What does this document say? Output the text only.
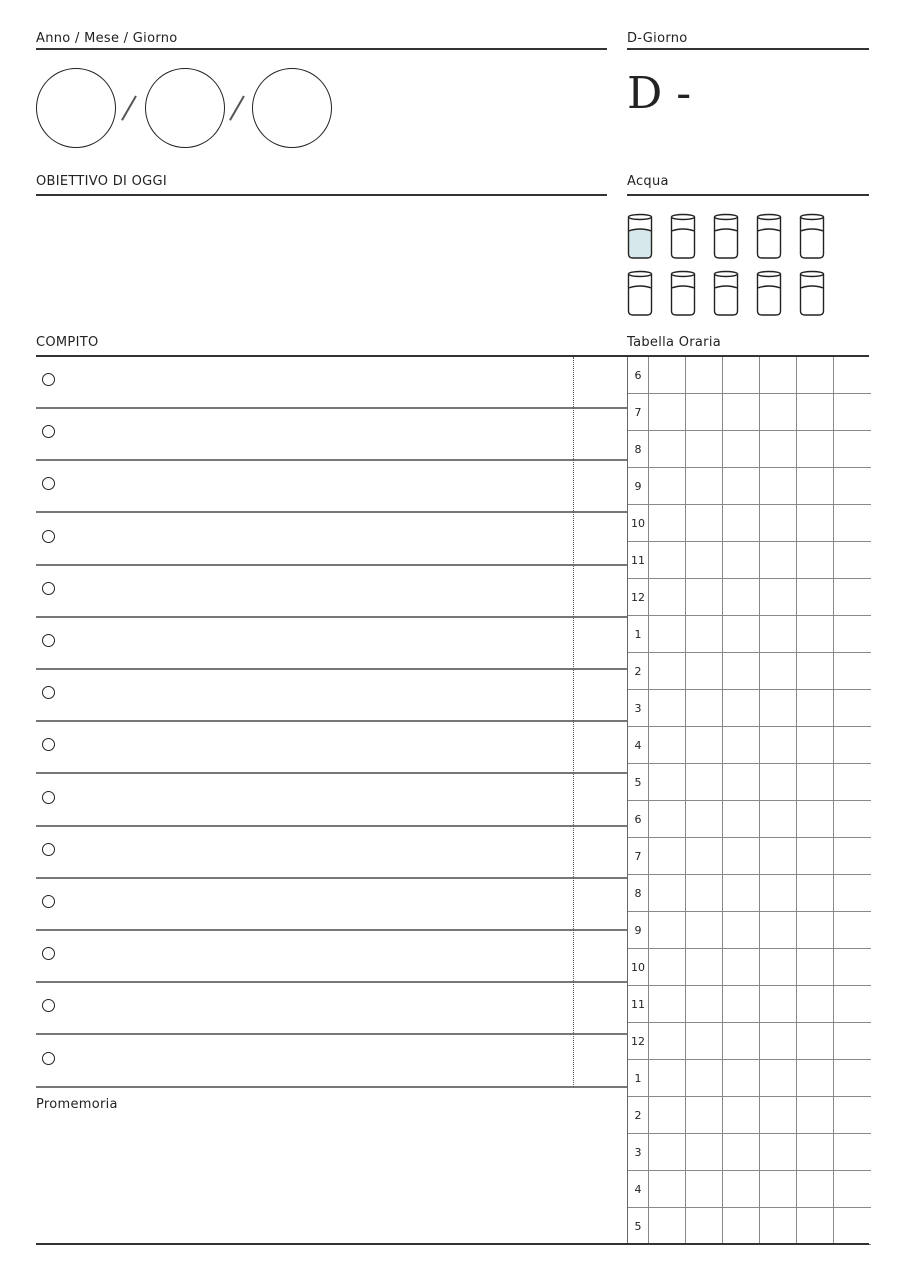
Anno / Mese / Giorno	D-Giorno
D -
OBIETTIVO DI OGGI	Acqua
COMPITO
Promemoria
Tabella Oraria
6
7
8
9
10
11
12
1
2
3
4
5
6
7
8
9
10
11
12
1
2
3
4
5
